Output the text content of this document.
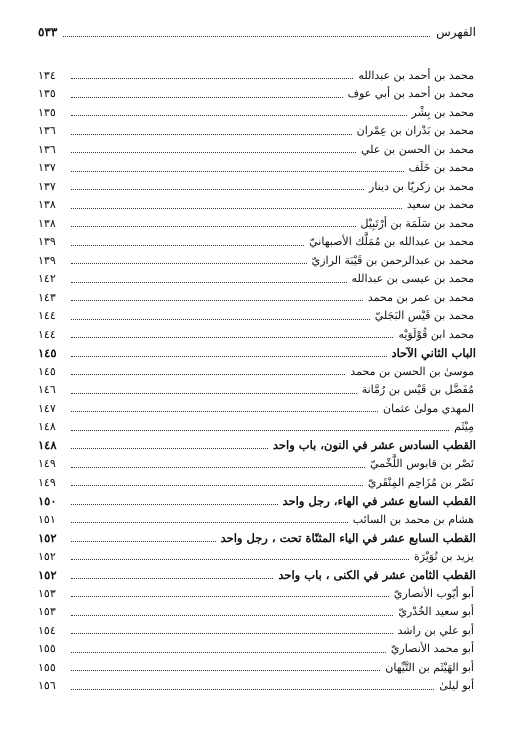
الفهرس
٥٣٣
محمد بن أحمد بن عبدالله
١٣٤
محمد بن أحمد بن أبي عوف
١٣٥
محمد بن بِشْر
١٣٥
محمد بن بَدْران بن عِمْران
١٣٦
محمد بن الحسن بن علي
١٣٦
محمد بن خَلَف
١٣٧
محمد بن زكريّا بن دينار
١٣٧
محمد بن سعيد
١٣٨
محمد بن سَلَمَة بن أرْتَبِيْل
١٣٨
محمد بن عبدالله بن مُمَلَّك الأصبهانيّ
١٣٩
محمد بن عبدالرحمن بن قَيْبَة الرازيّ
١٣٩
محمد بن عيسى بن عبدالله
١٤٢
محمد بن عمر بن محمد
١٤٣
محمد بن قَيْس البَجَليّ
١٤٤
محمد ابن قُوْلَوَيْه
١٤٤
الباب الثاني الآحاد
١٤٥
موسىٰ بن الحسن بن محمد
١٤٥
مُفَضَّل بن قَيْس بن رُمَّانة
١٤٦
المهدي مولىٰ عثمان
١٤٧
مِيْثَم
١٤٨
القطب السادس عشر في النون، باب واحد
١٤٨
نَصْر بن قابوس اللَّخْميّ
١٤٩
نَصْر بن مُزَاحِم المِنْقَريّ
١٤٩
القطب السابع عشر في الهاء، رجل واحد
١٥٠
هشام بن محمد بن السائب
١٥١
القطب السابع عشر في الياء المثنّاة تحت ، رجل واحد
١٥٢
يزيد بن نُوَيْرَة
١٥٢
القطب الثامن عشر في الكنى ، باب واحد
١٥٢
أبو أيّوب الأنصاريّ
١٥٣
أبو سعيد الخُدْريّ
١٥٣
أبو علي بن راشد
١٥٤
أبو محمد الأنصاريّ
١٥٥
أبو الهَيْثَم بن التَّيِّهان
١٥٥
أبو ليلىٰ
١٥٦
